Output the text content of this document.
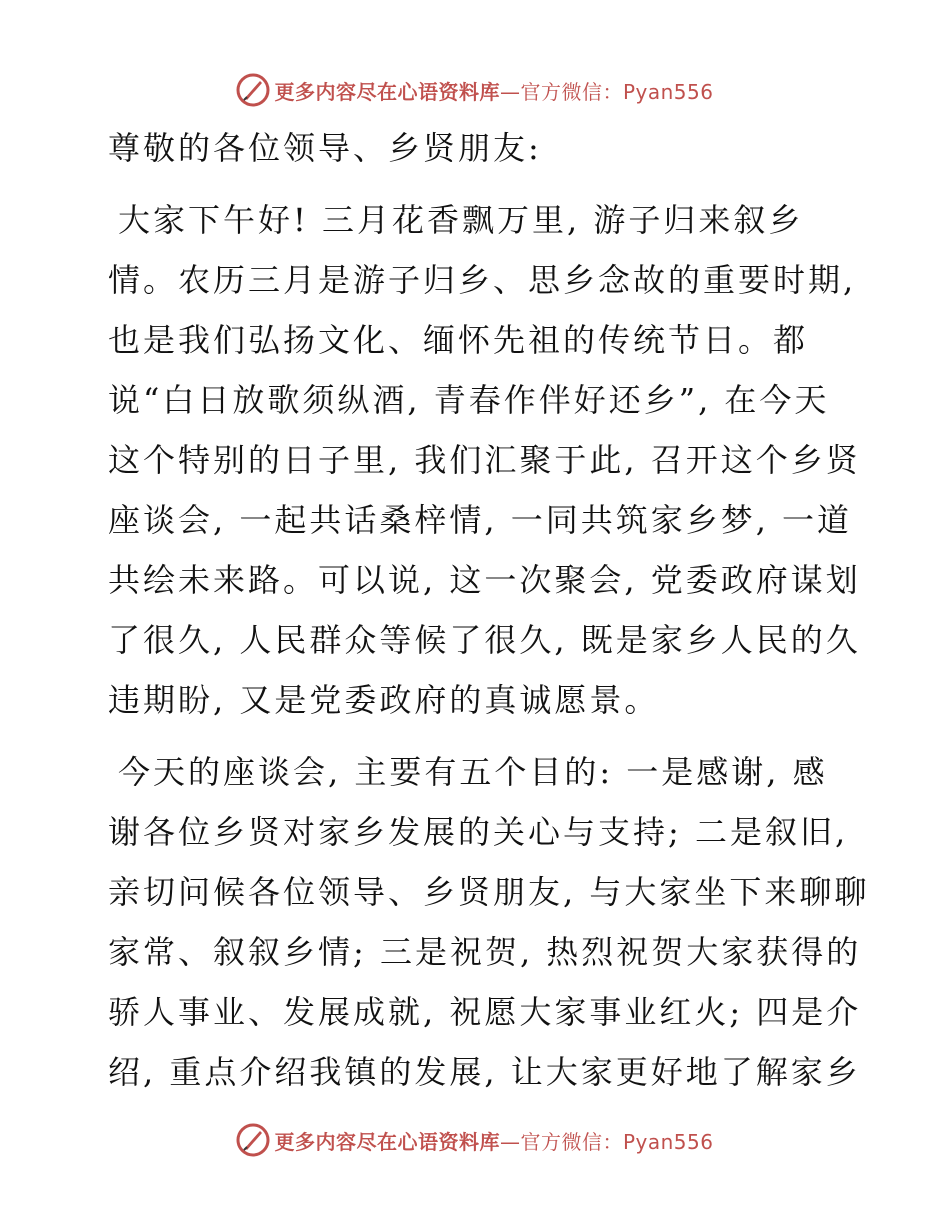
更多内容尽在心语资料库—官方微信：Pyan556

尊敬的各位领导、乡贤朋友:

大家下午好! 三月花香飘万里, 游子归来叙乡
情。农历三月是游子归乡、思乡念故的重要时期,
也是我们弘扬文化、缅怀先祖的传统节日。都
说“白日放歌须纵酒, 青春作伴好还乡”, 在今天
这个特别的日子里, 我们汇聚于此, 召开这个乡贤
座谈会, 一起共话桑梓情, 一同共筑家乡梦, 一道
共绘未来路。可以说, 这一次聚会, 党委政府谋划
了很久, 人民群众等候了很久, 既是家乡人民的久
违期盼, 又是党委政府的真诚愿景。
今天的座谈会, 主要有五个目的: 一是感谢, 感
谢各位乡贤对家乡发展的关心与支持; 二是叙旧,
亲切问候各位领导、乡贤朋友, 与大家坐下来聊聊
家常、叙叙乡情; 三是祝贺, 热烈祝贺大家获得的
骄人事业、发展成就, 祝愿大家事业红火; 四是介
绍, 重点介绍我镇的发展, 让大家更好地了解家乡
更多内容尽在心语资料库—官方微信：Pyan556
